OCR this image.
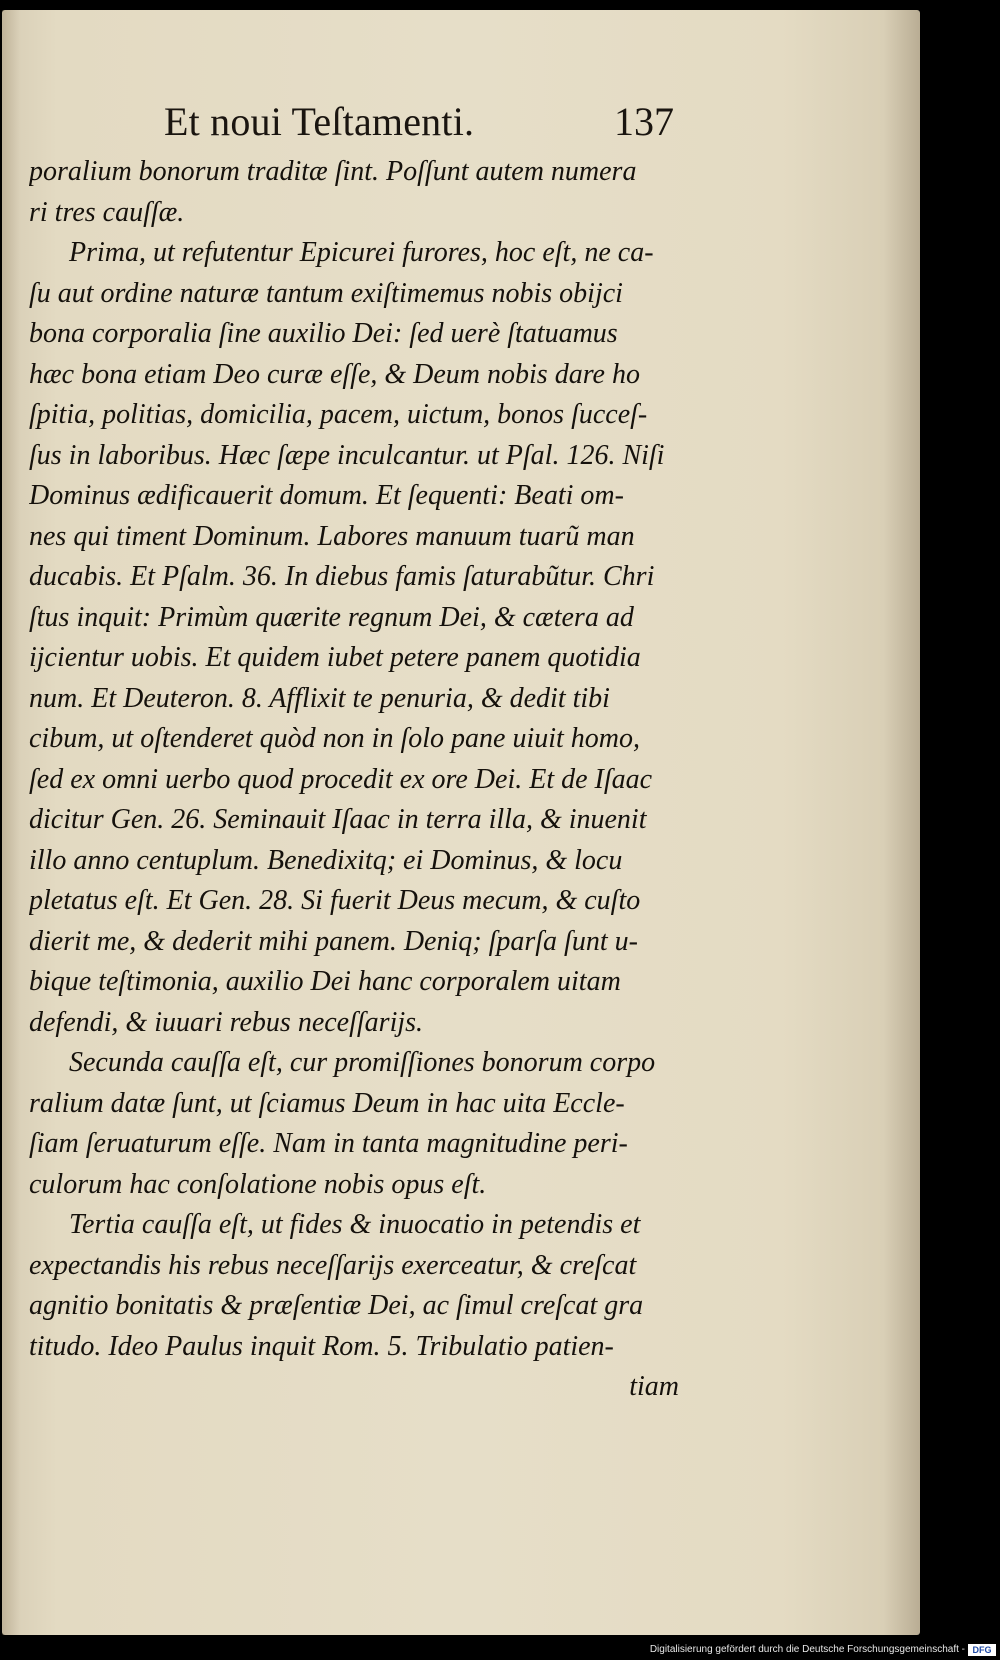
Et noui Teſtamenti.	137
poralium bonorum traditæ ſint. Poſſunt autem numera
ri tres cauſſæ.
Prima, ut refutentur Epicurei furores, hoc eſt, ne ca-
ſu aut ordine naturæ tantum exiſtimemus nobis obijci
bona corporalia ſine auxilio Dei: ſed uerè ſtatuamus
hæc bona etiam Deo curæ eſſe, & Deum nobis dare ho
ſpitia, politias, domicilia, pacem, uictum, bonos ſucceſ-
ſus in laboribus. Hæc ſæpe inculcantur. ut Pſal. 126. Niſi
Dominus ædificauerit domum. Et ſequenti: Beati om-
nes qui timent Dominum. Labores manuum tuarũ man
ducabis. Et Pſalm. 36. In diebus famis ſaturabũtur. Chri
ſtus inquit: Primùm quærite regnum Dei, & cætera ad
ijcientur uobis. Et quidem iubet petere panem quotidia
num. Et Deuteron. 8. Afflixit te penuria, & dedit tibi
cibum, ut oſtenderet quòd non in ſolo pane uiuit homo,
ſed ex omni uerbo quod procedit ex ore Dei. Et de Iſaac
dicitur Gen. 26. Seminauit Iſaac in terra illa, & inuenit
illo anno centuplum. Benedixitq; ei Dominus, & locu
pletatus eſt. Et Gen. 28. Si fuerit Deus mecum, & cuſto
dierit me, & dederit mihi panem. Deniq; ſparſa ſunt u-
bique teſtimonia, auxilio Dei hanc corporalem uitam
defendi, & iuuari rebus neceſſarijs.
Secunda cauſſa eſt, cur promiſſiones bonorum corpo
ralium datæ ſunt, ut ſciamus Deum in hac uita Eccle-
ſiam ſeruaturum eſſe. Nam in tanta magnitudine peri-
culorum hac conſolatione nobis opus eſt.
Tertia cauſſa eſt, ut fides & inuocatio in petendis et
expectandis his rebus neceſſarijs exerceatur, & creſcat
agnitio bonitatis & præſentiæ Dei, ac ſimul creſcat gra
titudo. Ideo Paulus inquit Rom. 5. Tribulatio patien-
tiam
Digitalisierung gefördert durch die Deutsche Forschungsgemeinschaft - DFG
